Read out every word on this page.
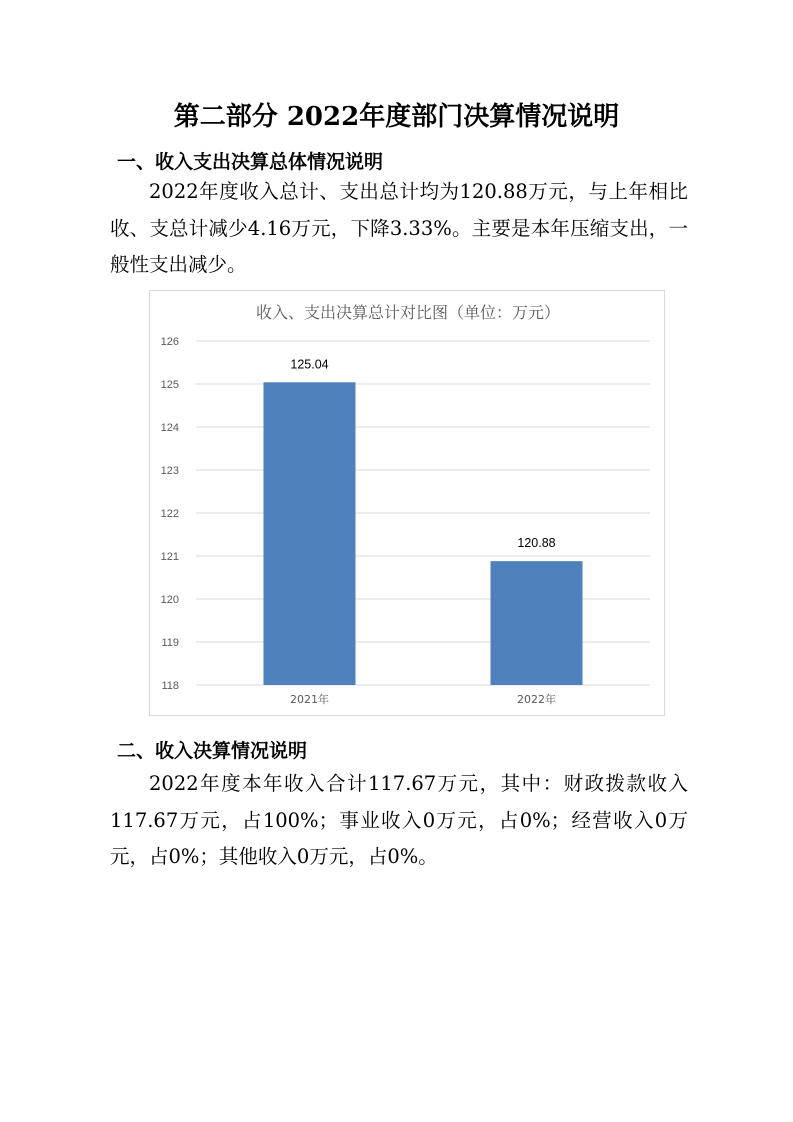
第二部分 2022年度部门决算情况说明
一、收入支出决算总体情况说明
2022年度收入总计、支出总计均为120.88万元，与上年相比收、支总计减少4.16万元，下降3.33%。主要是本年压缩支出，一般性支出减少。
收入、支出决算总计对比图（单位：万元）
118
119
120
121
122
123
124
125
126
125.04
120.88
2021年	2022年
二、收入决算情况说明
2022年度本年收入合计117.67万元，其中：财政拨款收入117.67万元，占100%；事业收入0万元，占0%；经营收入0万元，占0%；其他收入0万元，占0%。
